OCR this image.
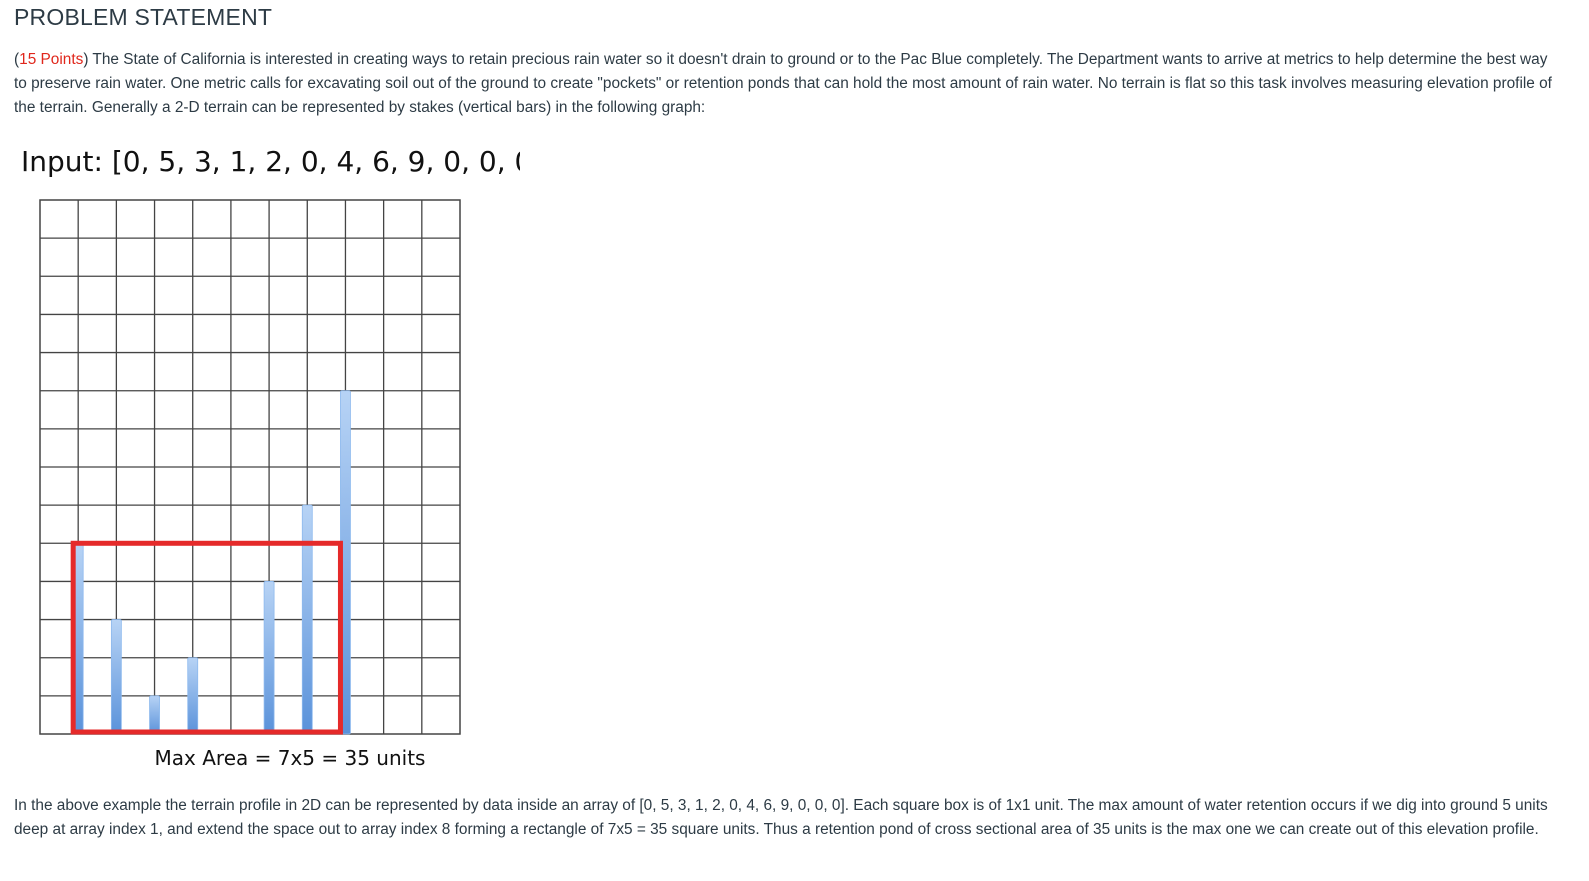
PROBLEM STATEMENT

(15 Points) The State of California is interested in creating ways to retain precious rain water so it doesn't drain to ground or to the Pac Blue completely. The Department wants to arrive at metrics to help determine the best way to preserve rain water. One metric calls for excavating soil out of the ground to create "pockets" or retention ponds that can hold the most amount of rain water. No terrain is flat so this task involves measuring elevation profile of the terrain. Generally a 2-D terrain can be represented by stakes (vertical bars) in the following graph:

Input: [0, 5, 3, 1, 2, 0, 4, 6, 9, 0, 0, 0]
Max Area = 7x5 = 35 units

In the above example the terrain profile in 2D can be represented by data inside an array of [0, 5, 3, 1, 2, 0, 4, 6, 9, 0, 0, 0]. Each square box is of 1x1 unit. The max amount of water retention occurs if we dig into ground 5 units deep at array index 1, and extend the space out to array index 8 forming a rectangle of 7x5 = 35 square units. Thus a retention pond of cross sectional area of 35 units is the max one we can create out of this elevation profile.
